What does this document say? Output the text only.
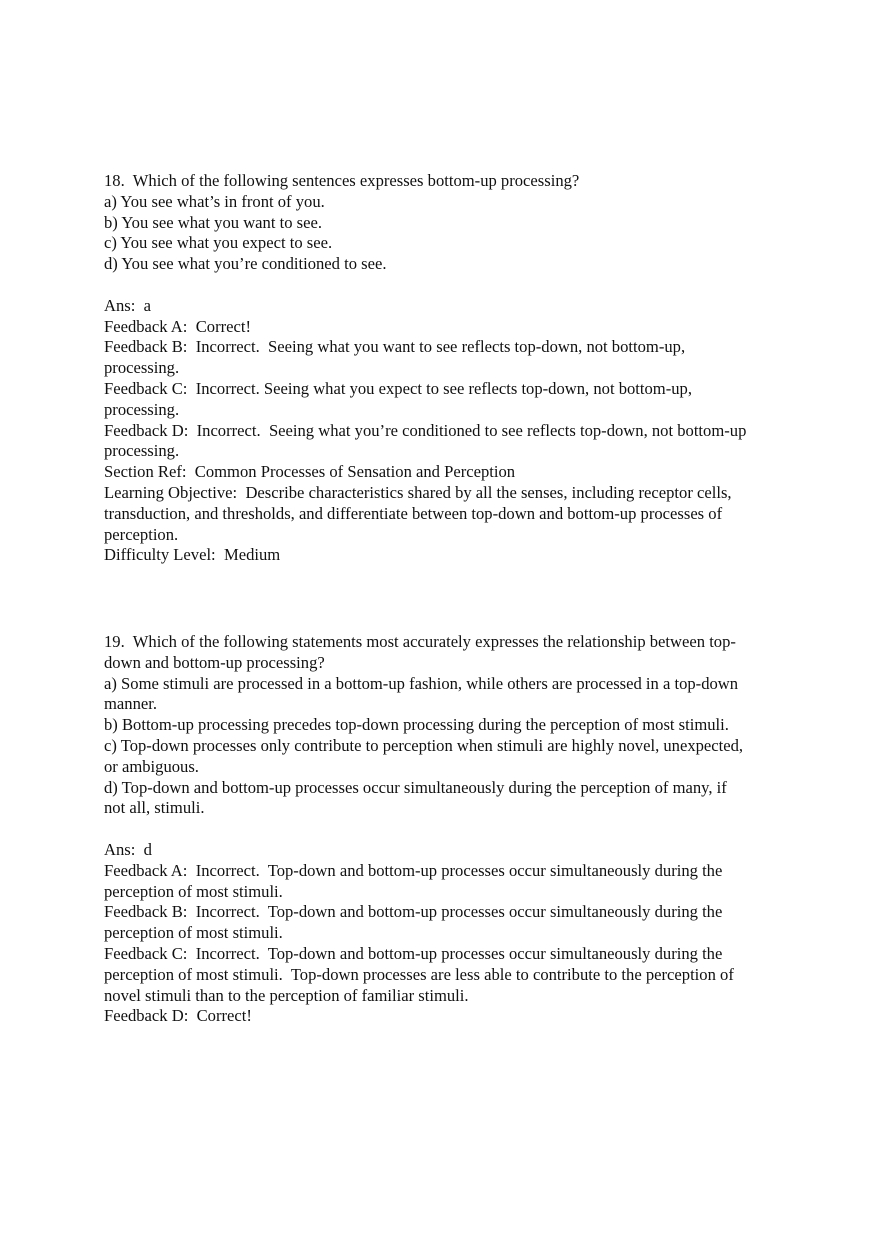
18.  Which of the following sentences expresses bottom-up processing?
a) You see what’s in front of you.
b) You see what you want to see.
c) You see what you expect to see.
d) You see what you’re conditioned to see.
Ans:  a
Feedback A:  Correct!
Feedback B:  Incorrect.  Seeing what you want to see reflects top-down, not bottom-up,
processing.
Feedback C:  Incorrect. Seeing what you expect to see reflects top-down, not bottom-up,
processing.
Feedback D:  Incorrect.  Seeing what you’re conditioned to see reflects top-down, not bottom-up
processing.
Section Ref:  Common Processes of Sensation and Perception
Learning Objective:  Describe characteristics shared by all the senses, including receptor cells,
transduction, and thresholds, and differentiate between top-down and bottom-up processes of
perception.
Difficulty Level:  Medium
19.  Which of the following statements most accurately expresses the relationship between top-
down and bottom-up processing?
a) Some stimuli are processed in a bottom-up fashion, while others are processed in a top-down
manner.
b) Bottom-up processing precedes top-down processing during the perception of most stimuli.
c) Top-down processes only contribute to perception when stimuli are highly novel, unexpected,
or ambiguous.
d) Top-down and bottom-up processes occur simultaneously during the perception of many, if
not all, stimuli.
Ans:  d
Feedback A:  Incorrect.  Top-down and bottom-up processes occur simultaneously during the
perception of most stimuli.
Feedback B:  Incorrect.  Top-down and bottom-up processes occur simultaneously during the
perception of most stimuli.
Feedback C:  Incorrect.  Top-down and bottom-up processes occur simultaneously during the
perception of most stimuli.  Top-down processes are less able to contribute to the perception of
novel stimuli than to the perception of familiar stimuli.
Feedback D:  Correct!
